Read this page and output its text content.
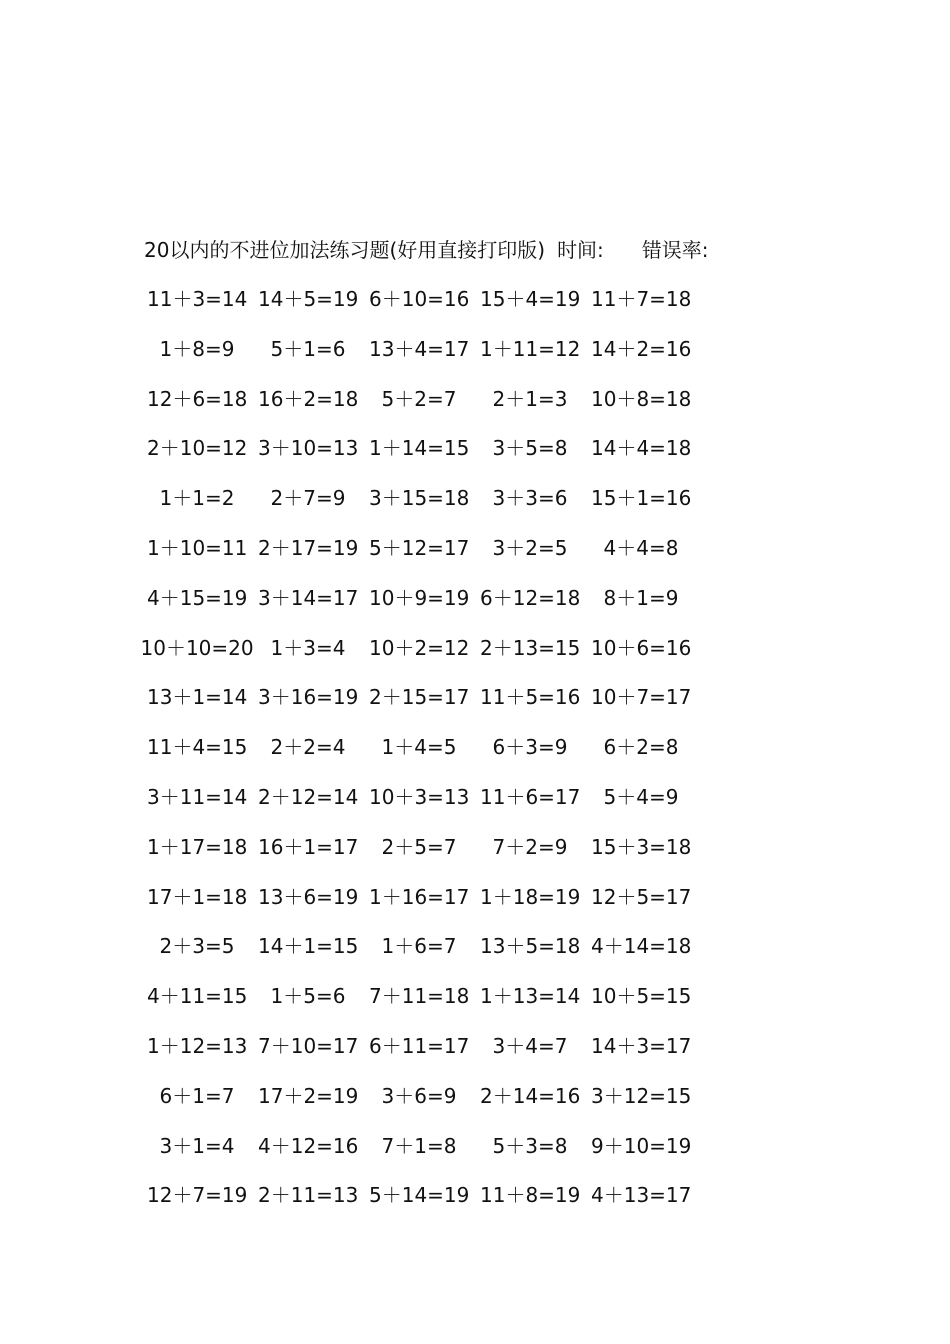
20以内的不进位加法练习题(好用直接打印版) 时间: 错误率:
11＋3=14 14＋5=19 6＋10=16 15＋4=19 11＋7=18
1＋8=9 5＋1=6 13＋4=17 1＋11=12 14＋2=16
12＋6=18 16＋2=18 5＋2=7 2＋1=3 10＋8=18
2＋10=12 3＋10=13 1＋14=15 3＋5=8 14＋4=18
1＋1=2 2＋7=9 3＋15=18 3＋3=6 15＋1=16
1＋10=11 2＋17=19 5＋12=17 3＋2=5 4＋4=8
4＋15=19 3＋14=17 10＋9=19 6＋12=18 8＋1=9
10＋10=20 1＋3=4 10＋2=12 2＋13=15 10＋6=16
13＋1=14 3＋16=19 2＋15=17 11＋5=16 10＋7=17
11＋4=15 2＋2=4 1＋4=5 6＋3=9 6＋2=8
3＋11=14 2＋12=14 10＋3=13 11＋6=17 5＋4=9
1＋17=18 16＋1=17 2＋5=7 7＋2=9 15＋3=18
17＋1=18 13＋6=19 1＋16=17 1＋18=19 12＋5=17
2＋3=5 14＋1=15 1＋6=7 13＋5=18 4＋14=18
4＋11=15 1＋5=6 7＋11=18 1＋13=14 10＋5=15
1＋12=13 7＋10=17 6＋11=17 3＋4=7 14＋3=17
6＋1=7 17＋2=19 3＋6=9 2＋14=16 3＋12=15
3＋1=4 4＋12=16 7＋1=8 5＋3=8 9＋10=19
12＋7=19 2＋11=13 5＋14=19 11＋8=19 4＋13=17
